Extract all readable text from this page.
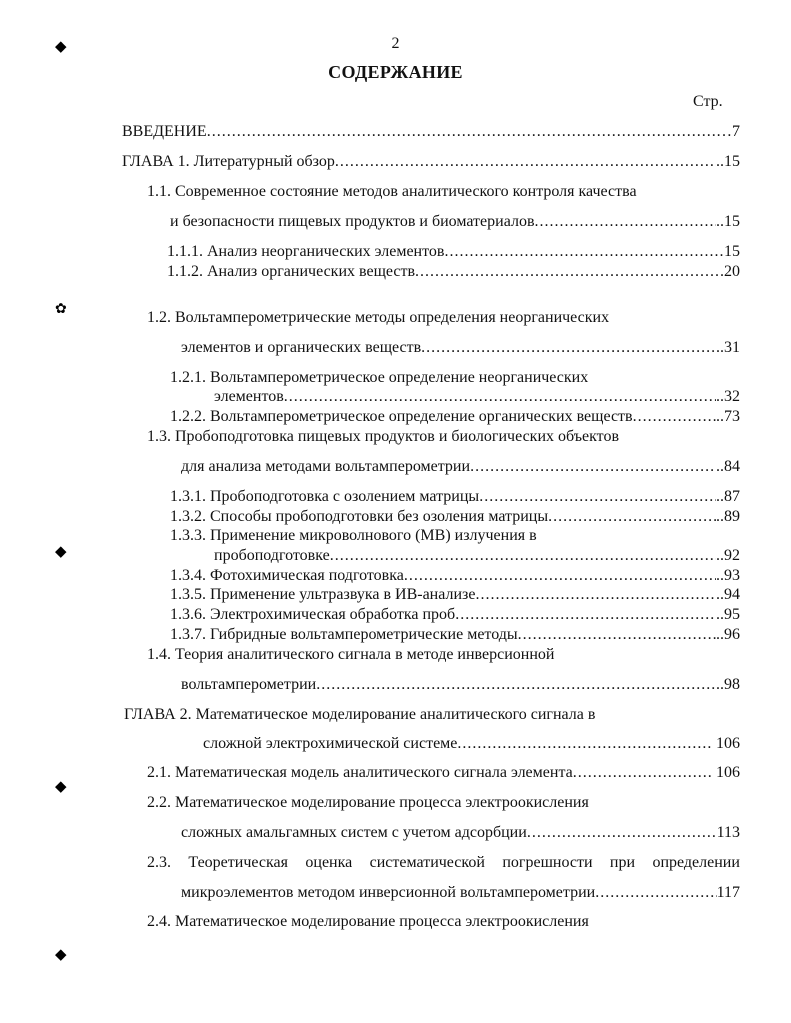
2
СОДЕРЖАНИЕ
Стр.
◆
✿
◆
◆
◆
ВВЕДЕНИЕ .....	…7
ГЛАВА 1. Литературный обзор .....	..15
1.1. Современное состояние методов аналитического контроля качества
и безопасности пищевых продуктов и биоматериалов .....	..15
1.1.1. Анализ неорганических элементов .....	15
1.1.2. Анализ органических веществ .....	.20
1.2. Вольтамперометрические методы определения неорганических
элементов и органических веществ .....	..31
1.2.1. Вольтамперометрическое определение неорганических
элементов .....	..32
1.2.2. Вольтамперометрическое определение органических веществ .....	..73
1.3. Пробоподготовка пищевых продуктов и биологических объектов
для анализа методами вольтамперометрии .....	..84
1.3.1. Пробоподготовка с озолением матрицы .....	..87
1.3.2. Способы пробоподготовки без озоления матрицы .....	..89
1.3.3. Применение микроволнового (МВ) излучения в
пробоподготовке .....	..92
1.3.4. Фотохимическая подготовка .....	..93
1.3.5. Применение ультразвука в ИВ-анализе .....	..94
1.3.6. Электрохимическая обработка проб .....	..95
1.3.7. Гибридные вольтамперометрические методы .....	..96
1.4. Теория аналитического сигнала в методе инверсионной
вольтамперометрии .....	..98
ГЛАВА 2. Математическое моделирование аналитического сигнала в
сложной электрохимической системе .....	106
2.1. Математическая модель аналитического сигнала элемента .....	106
2.2. Математическое моделирование процесса электроокисления
сложных амальгамных систем с учетом адсорбции .....	113
2.3. Теоретическая оценка систематической погрешности при определении
микроэлементов методом инверсионной вольтамперометрии .....	117
2.4. Математическое моделирование процесса электроокисления
